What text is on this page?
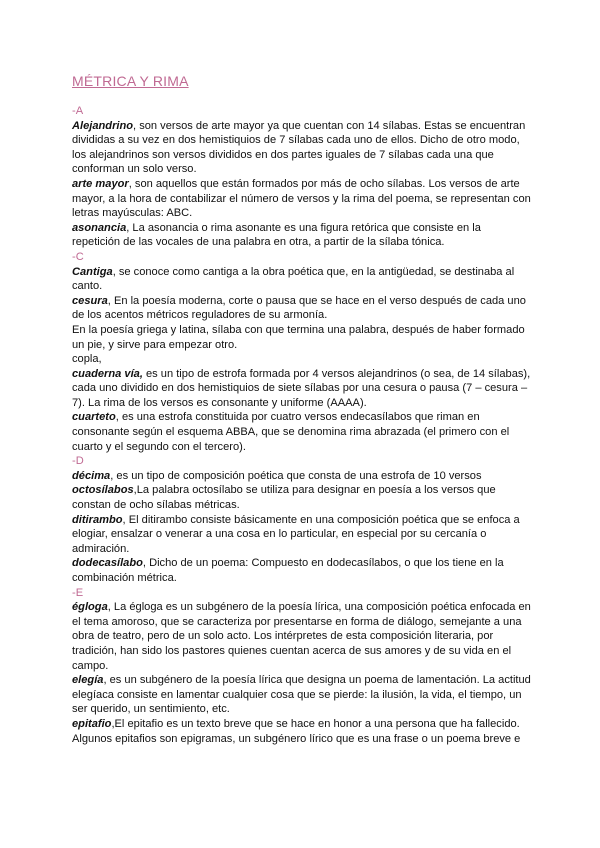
MÉTRICA Y RIMA
-A

Alejandrino, son versos de arte mayor ya que cuentan con 14 sílabas. Estas se encuentran divididas a su vez en dos hemistiquios de 7 sílabas cada uno de ellos. Dicho de otro modo, los alejandrinos son versos divididos en dos partes iguales de 7 sílabas cada una que conforman un solo verso.

arte mayor, son aquellos que están formados por más de ocho sílabas. Los versos de arte mayor, a la hora de contabilizar el número de versos y la rima del poema, se representan con letras mayúsculas: ABC.

asonancia, La asonancia o rima asonante es una figura retórica que consiste en la repetición de las vocales de una palabra en otra, a partir de la sílaba tónica.

-C

Cantiga, se conoce como cantiga a la obra poética que, en la antigüedad, se destinaba al canto.

cesura, En la poesía moderna, corte o pausa que se hace en el verso después de cada uno de los acentos métricos reguladores de su armonía.

En la poesía griega y latina, sílaba con que termina una palabra, después de haber formado un pie, y sirve para empezar otro.

copla,

cuaderna vía, es un tipo de estrofa formada por 4 versos alejandrinos (o sea, de 14 sílabas), cada uno dividido en dos hemistiquios de siete sílabas por una cesura o pausa (7 – cesura – 7). La rima de los versos es consonante y uniforme (AAAA).

cuarteto, es una estrofa constituida por cuatro versos endecasílabos que riman en consonante según el esquema ABBA, que se denomina rima abrazada (el primero con el cuarto y el segundo con el tercero).

-D

décima, es un tipo de composición poética que consta de una estrofa de 10 versos

octosílabos,La palabra octosílabo se utiliza para designar en poesía a los versos que constan de ocho sílabas métricas.

ditirambo, El ditirambo consiste básicamente en una composición poética que se enfoca a elogiar, ensalzar o venerar a una cosa en lo particular, en especial por su cercanía o admiración.

dodecasílabo, Dicho de un poema: Compuesto en dodecasílabos, o que los tiene en la combinación métrica.

-E

égloga, La égloga es un subgénero de la poesía lírica, una composición poética enfocada en el tema amoroso, que se caracteriza por presentarse en forma de diálogo, semejante a una obra de teatro, pero de un solo acto. Los intérpretes de esta composición literaria, por tradición, han sido los pastores quienes cuentan acerca de sus amores y de su vida en el campo.

elegía, es un subgénero de la poesía lírica que designa un poema de lamentación. La actitud elegíaca consiste en lamentar cualquier cosa que se pierde: la ilusión, la vida, el tiempo, un ser querido, un sentimiento, etc.

epitafio,El epitafio es un texto breve que se hace en honor a una persona que ha fallecido. Algunos epitafios son epigramas, un subgénero lírico que es una frase o un poema breve e
